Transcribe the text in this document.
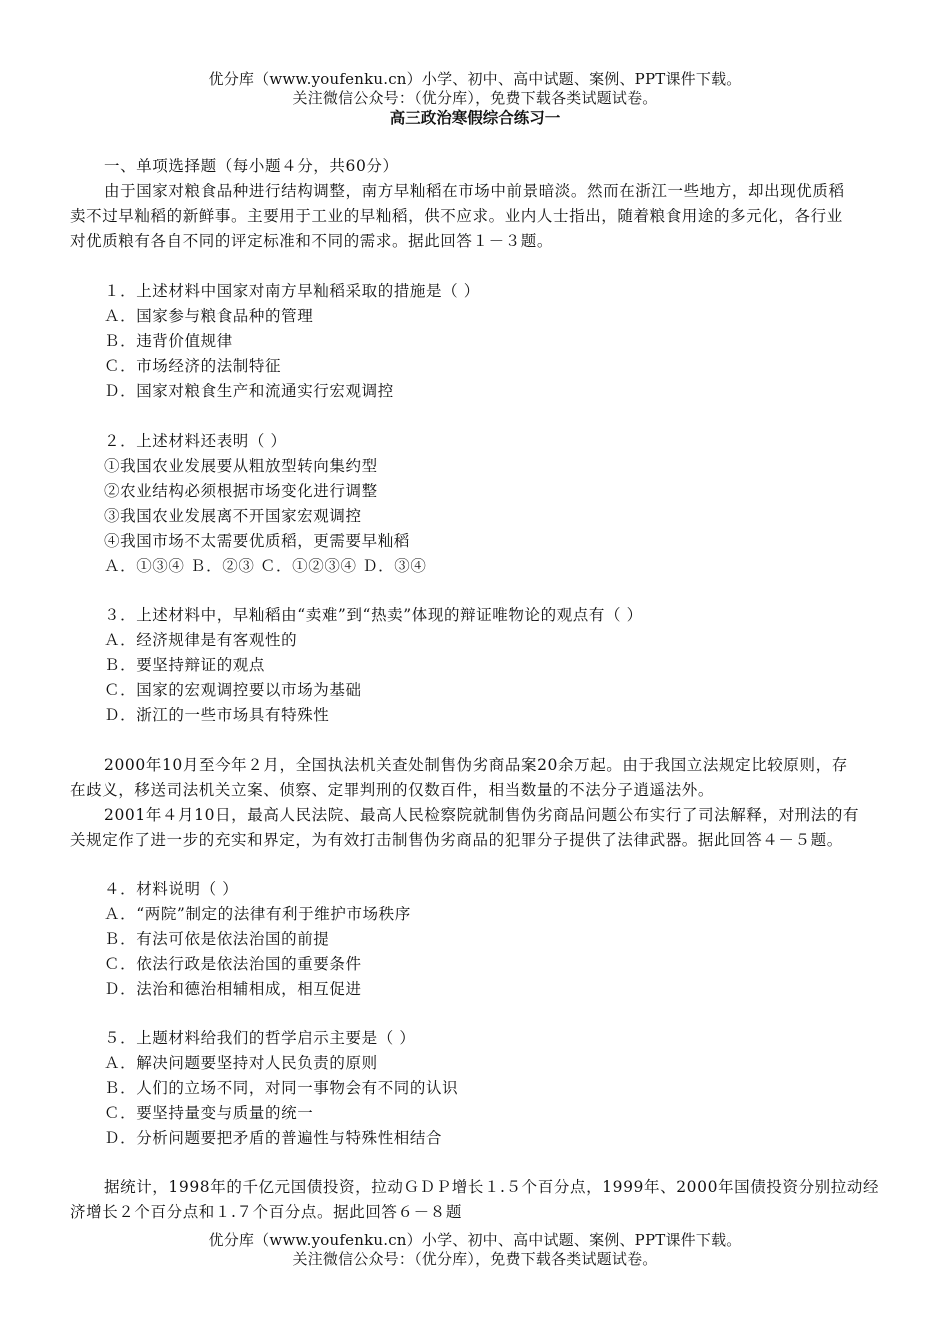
优分库（www.youfenku.cn）小学、初中、高中试题、案例、PPT课件下载。
关注微信公众号：（优分库），免费下载各类试题试卷。
高三政治寒假综合练习一
一、单项选择题（每小题４分，共60分）
由于国家对粮食品种进行结构调整，南方早籼稻在市场中前景暗淡。然而在浙江一些地方，却出现优质稻
卖不过早籼稻的新鲜事。主要用于工业的早籼稻，供不应求。业内人士指出，随着粮食用途的多元化，各行业
对优质粮有各自不同的评定标准和不同的需求。据此回答１－３题。
１．上述材料中国家对南方早籼稻采取的措施是（ ）
Ａ．国家参与粮食品种的管理
Ｂ．违背价值规律
Ｃ．市场经济的法制特征
Ｄ．国家对粮食生产和流通实行宏观调控
２．上述材料还表明（ ）
①我国农业发展要从粗放型转向集约型
②农业结构必须根据市场变化进行调整
③我国农业发展离不开国家宏观调控
④我国市场不太需要优质稻，更需要早籼稻
Ａ．①③④ Ｂ．②③ Ｃ．①②③④ Ｄ．③④
３．上述材料中，早籼稻由“卖难”到“热卖”体现的辩证唯物论的观点有（ ）
Ａ．经济规律是有客观性的
Ｂ．要坚持辩证的观点
Ｃ．国家的宏观调控要以市场为基础
Ｄ．浙江的一些市场具有特殊性
2000年10月至今年２月，全国执法机关查处制售伪劣商品案20余万起。由于我国立法规定比较原则，存
在歧义，移送司法机关立案、侦察、定罪判刑的仅数百件，相当数量的不法分子逍遥法外。
2001年４月10日，最高人民法院、最高人民检察院就制售伪劣商品问题公布实行了司法解释，对刑法的有
关规定作了进一步的充实和界定，为有效打击制售伪劣商品的犯罪分子提供了法律武器。据此回答４－５题。
４．材料说明（ ）
Ａ．“两院”制定的法律有利于维护市场秩序
Ｂ．有法可依是依法治国的前提
Ｃ．依法行政是依法治国的重要条件
Ｄ．法治和德治相辅相成，相互促进
５．上题材料给我们的哲学启示主要是（ ）
Ａ．解决问题要坚持对人民负责的原则
Ｂ．人们的立场不同，对同一事物会有不同的认识
Ｃ．要坚持量变与质量的统一
Ｄ．分析问题要把矛盾的普遍性与特殊性相结合
据统计，1998年的千亿元国债投资，拉动ＧＤＰ增长１.５个百分点，1999年、2000年国债投资分别拉动经
济增长２个百分点和１.７个百分点。据此回答６－８题
优分库（www.youfenku.cn）小学、初中、高中试题、案例、PPT课件下载。
关注微信公众号：（优分库），免费下载各类试题试卷。
